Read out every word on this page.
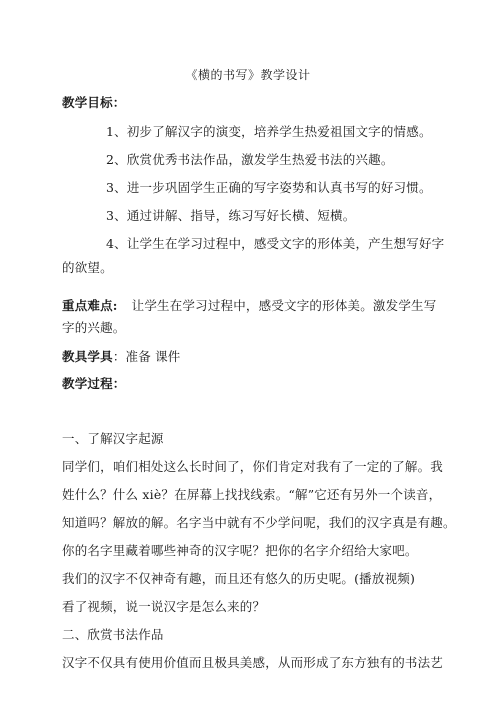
《横的书写》教学设计
教学目标：
1、初步了解汉字的演变，培养学生热爱祖国文字的情感。
2、欣赏优秀书法作品，激发学生热爱书法的兴趣。
3、进一步巩固学生正确的写字姿势和认真书写的好习惯。
3、通过讲解、指导，练习写好长横、短横。
4、让学生在学习过程中，感受文字的形体美，产生想写好字
的欲望。
重点难点: 让学生在学习过程中，感受文字的形体美。激发学生写
字的兴趣。
教具学具：准备 课件
教学过程：
一、了解汉字起源
同学们，咱们相处这么长时间了，你们肯定对我有了一定的了解。我
姓什么？什么 xiè？在屏幕上找找线索。“解”它还有另外一个读音，
知道吗？解放的解。名字当中就有不少学问呢，我们的汉字真是有趣。
你的名字里藏着哪些神奇的汉字呢？把你的名字介绍给大家吧。
我们的汉字不仅神奇有趣，而且还有悠久的历史呢。(播放视频)
看了视频，说一说汉字是怎么来的？
二、欣赏书法作品
汉字不仅具有使用价值而且极具美感，从而形成了东方独有的书法艺
